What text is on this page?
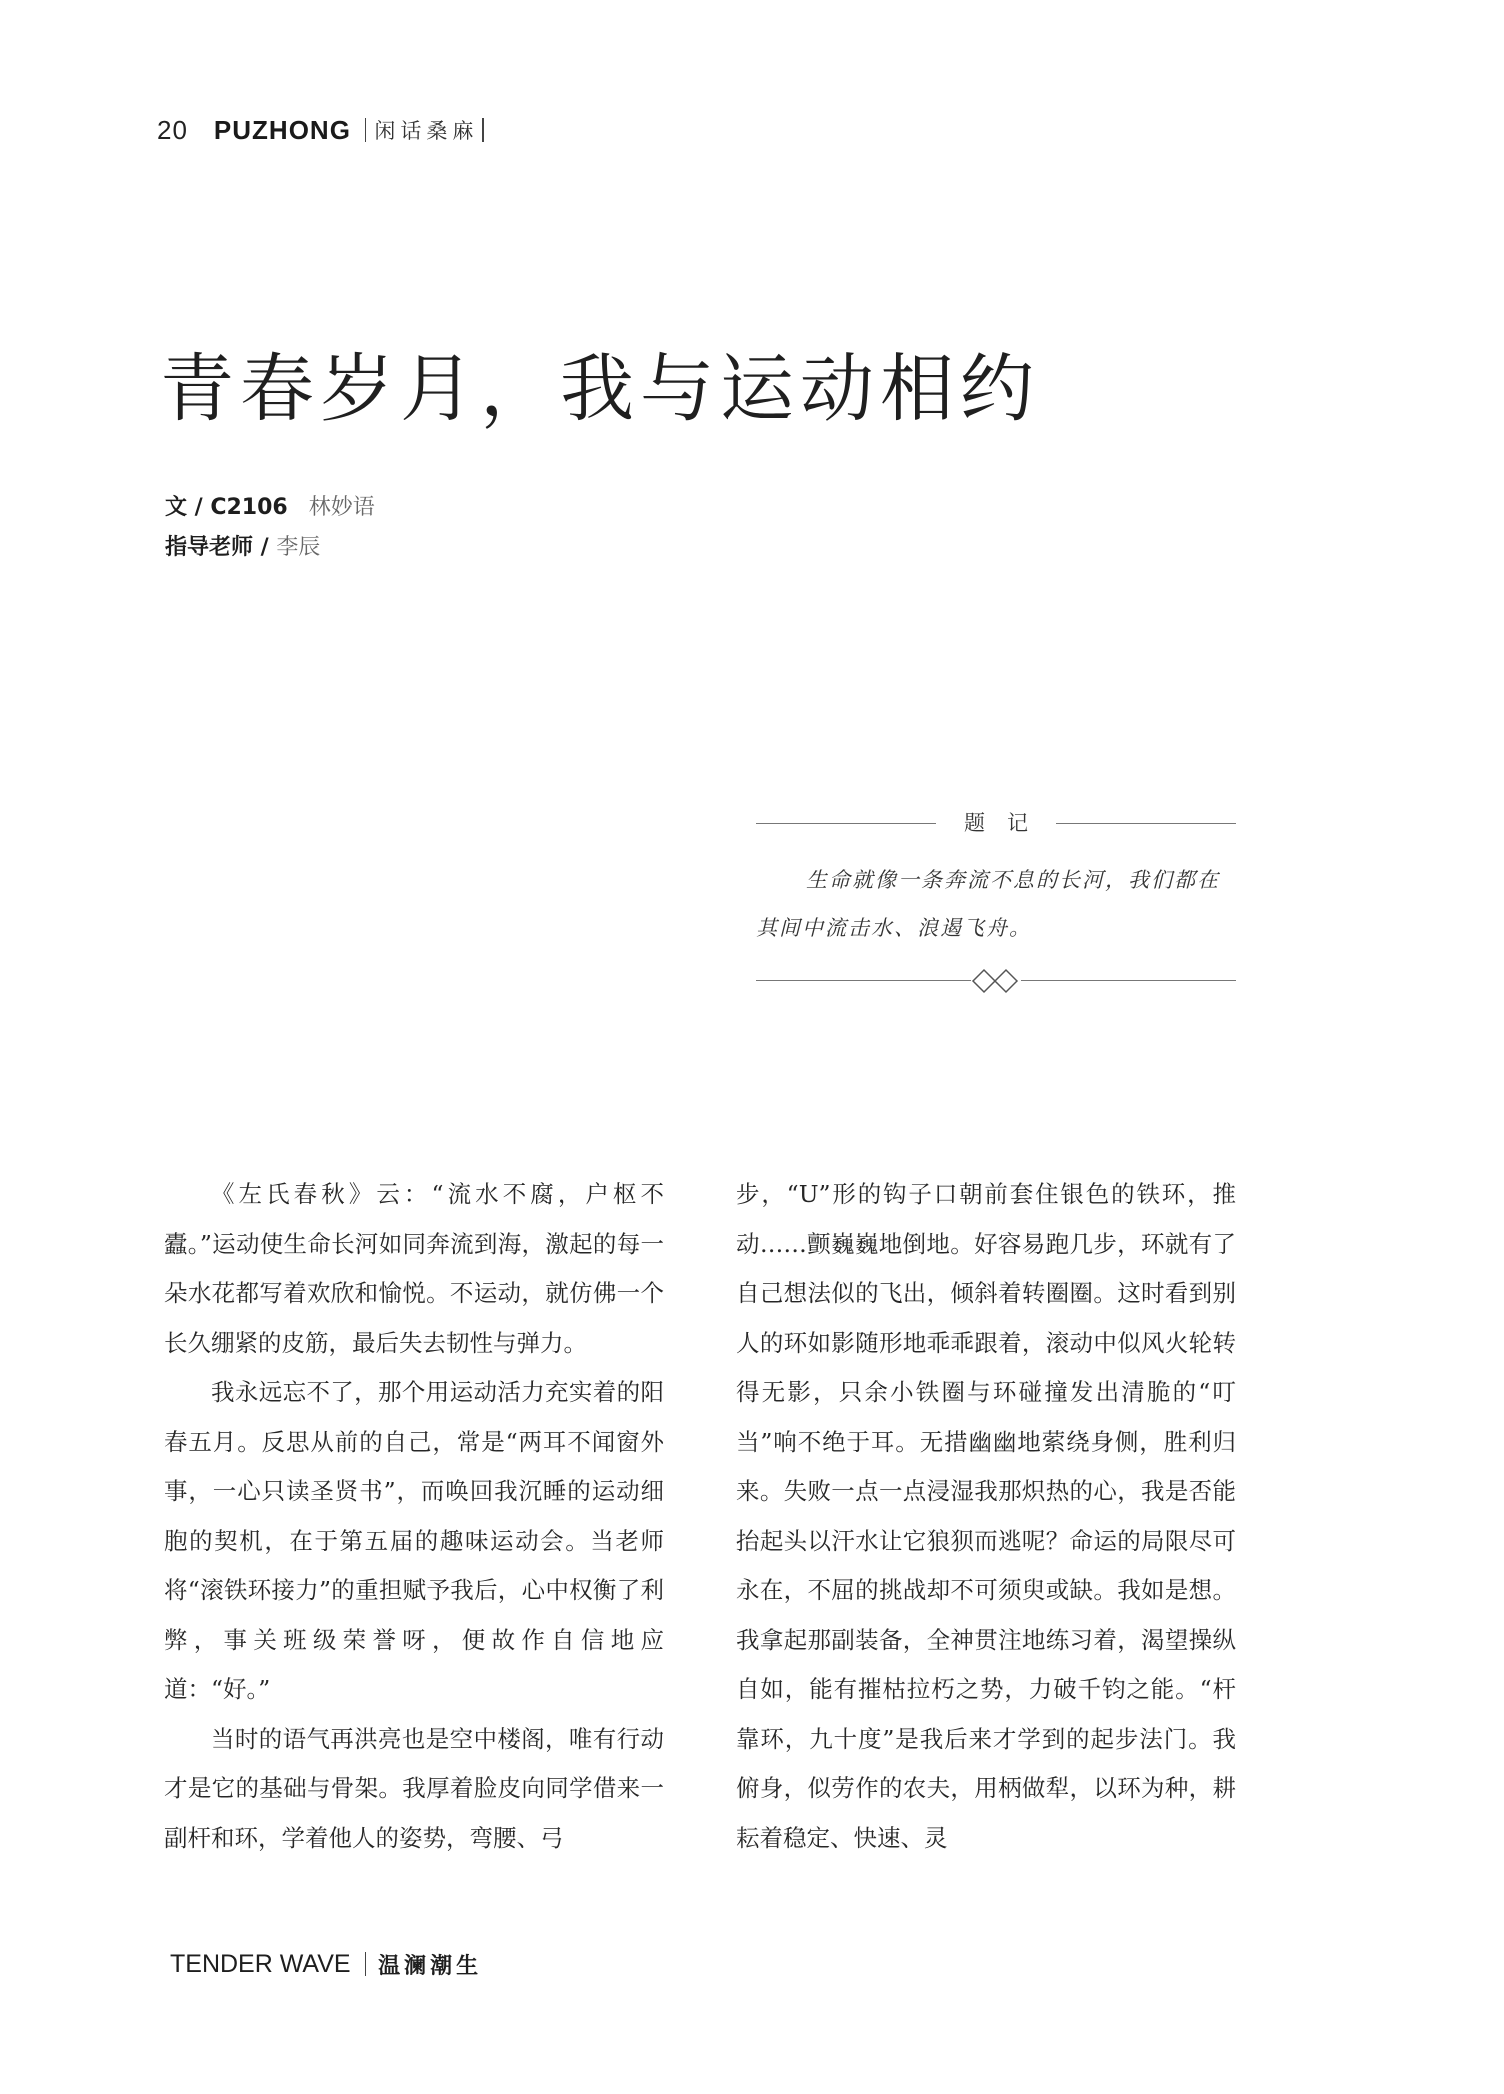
20 PUZHONG 闲话桑麻
青春岁月，我与运动相约
文 / C2106 林妙语
指导老师 / 李辰
题记
生命就像一条奔流不息的长河，我们都在其间中流击水、浪遏飞舟。

《左氏春秋》云：“流水不腐，户枢不蠹。”运动使生命长河如同奔流到海，激起的每一朵水花都写着欢欣和愉悦。不运动，就仿佛一个长久绷紧的皮筋，最后失去韧性与弹力。

我永远忘不了，那个用运动活力充实着的阳春五月。反思从前的自己，常是“两耳不闻窗外事，一心只读圣贤书”，而唤回我沉睡的运动细胞的契机，在于第五届的趣味运动会。当老师将“滚铁环接力”的重担赋予我后，心中权衡了利弊，事关班级荣誉呀，便故作自信地应道：“好。”

当时的语气再洪亮也是空中楼阁，唯有行动才是它的基础与骨架。我厚着脸皮向同学借来一副杆和环，学着他人的姿势，弯腰、弓

步，“U”形的钩子口朝前套住银色的铁环，推动……颤巍巍地倒地。好容易跑几步，环就有了自己想法似的飞出，倾斜着转圈圈。这时看到别人的环如影随形地乖乖跟着，滚动中似风火轮转得无影，只余小铁圈与环碰撞发出清脆的“叮当”响不绝于耳。无措幽幽地萦绕身侧，胜利归来。失败一点一点浸湿我那炽热的心，我是否能抬起头以汗水让它狼狈而逃呢？命运的局限尽可永在，不屈的挑战却不可须臾或缺。我如是想。我拿起那副装备，全神贯注地练习着，渴望操纵自如，能有摧枯拉朽之势，力破千钧之能。“杆靠环，九十度”是我后来才学到的起步法门。我俯身，似劳作的农夫，用柄做犁，以环为种，耕耘着稳定、快速、灵

TENDER WAVE 温澜潮生
